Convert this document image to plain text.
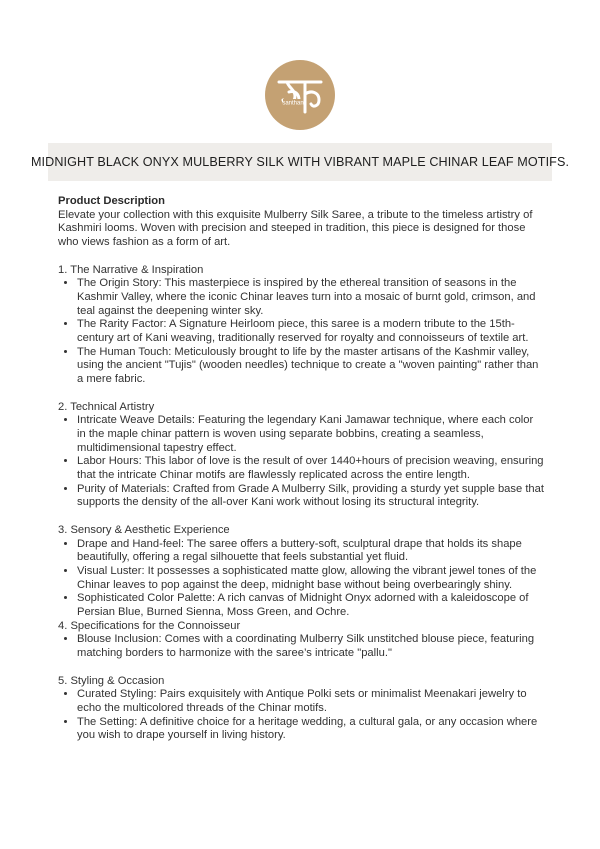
santhan
MIDNIGHT BLACK ONYX MULBERRY SILK WITH VIBRANT MAPLE CHINAR LEAF MOTIFS.

Product Description

Elevate your collection with this exquisite Mulberry Silk Saree, a tribute to the timeless artistry of Kashmiri looms. Woven with precision and steeped in tradition, this piece is designed for those who views fashion as a form of art.

1. The Narrative & Inspiration

• The Origin Story: This masterpiece is inspired by the ethereal transition of seasons in the Kashmir Valley, where the iconic Chinar leaves turn into a mosaic of burnt gold, crimson, and teal against the deepening winter sky.
• The Rarity Factor: A Signature Heirloom piece, this saree is a modern tribute to the 15th-century art of Kani weaving, traditionally reserved for royalty and connoisseurs of textile art.
• The Human Touch: Meticulously brought to life by the master artisans of the Kashmir valley, using the ancient "Tujis" (wooden needles) technique to create a "woven painting" rather than a mere fabric.

2. Technical Artistry

• Intricate Weave Details: Featuring the legendary Kani Jamawar technique, where each color in the maple chinar pattern is woven using separate bobbins, creating a seamless, multidimensional tapestry effect.
• Labor Hours: This labor of love is the result of over 1440+hours of precision weaving, ensuring that the intricate Chinar motifs are flawlessly replicated across the entire length.
• Purity of Materials: Crafted from Grade A Mulberry Silk, providing a sturdy yet supple base that supports the density of the all-over Kani work without losing its structural integrity.

3. Sensory & Aesthetic Experience

• Drape and Hand-feel: The saree offers a buttery-soft, sculptural drape that holds its shape beautifully, offering a regal silhouette that feels substantial yet fluid.
• Visual Luster: It possesses a sophisticated matte glow, allowing the vibrant jewel tones of the Chinar leaves to pop against the deep, midnight base without being overbearingly shiny.
• Sophisticated Color Palette: A rich canvas of Midnight Onyx adorned with a kaleidoscope of Persian Blue, Burned Sienna, Moss Green, and Ochre.

4. Specifications for the Connoisseur

• Blouse Inclusion: Comes with a coordinating Mulberry Silk unstitched blouse piece, featuring matching borders to harmonize with the saree’s intricate "pallu."

5. Styling & Occasion

• Curated Styling: Pairs exquisitely with Antique Polki sets or minimalist Meenakari jewelry to echo the multicolored threads of the Chinar motifs.
• The Setting: A definitive choice for a heritage wedding, a cultural gala, or any occasion where you wish to drape yourself in living history.
